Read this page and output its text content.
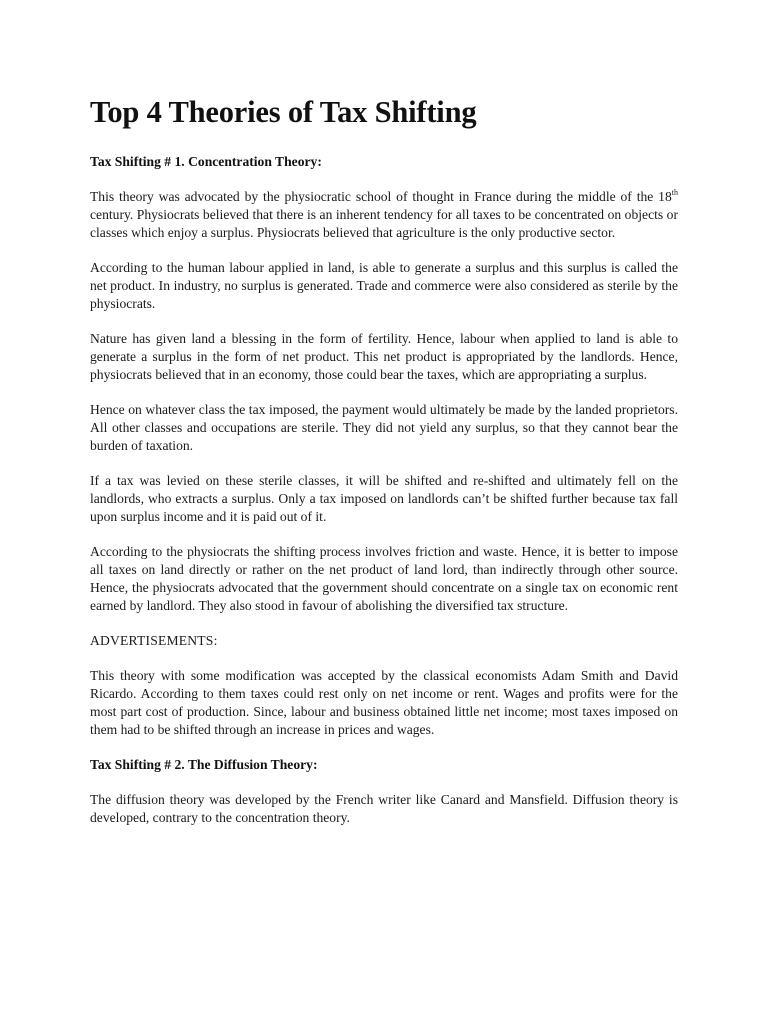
Top 4 Theories of Tax Shifting
Tax Shifting # 1. Concentration Theory:

This theory was advocated by the physiocratic school of thought in France during the middle of the 18th century. Physiocrats believed that there is an inherent tendency for all taxes to be concentrated on objects or classes which enjoy a surplus. Physiocrats believed that agriculture is the only productive sector.

According to the human labour applied in land, is able to generate a surplus and this surplus is called the net product. In industry, no surplus is generated. Trade and commerce were also considered as sterile by the physiocrats.

Nature has given land a blessing in the form of fertility. Hence, labour when applied to land is able to generate a surplus in the form of net product. This net product is appropriated by the landlords. Hence, physiocrats believed that in an economy, those could bear the taxes, which are appropriating a surplus.

Hence on whatever class the tax imposed, the payment would ultimately be made by the landed proprietors. All other classes and occupations are sterile. They did not yield any surplus, so that they cannot bear the burden of taxation.

If a tax was levied on these sterile classes, it will be shifted and re-shifted and ultimately fell on the landlords, who extracts a surplus. Only a tax imposed on landlords can’t be shifted further because tax fall upon surplus income and it is paid out of it.

According to the physiocrats the shifting process involves friction and waste. Hence, it is better to impose all taxes on land directly or rather on the net product of land lord, than indirectly through other source. Hence, the physiocrats advocated that the government should concentrate on a single tax on economic rent earned by landlord. They also stood in favour of abolishing the diversified tax structure.

ADVERTISEMENTS:

This theory with some modification was accepted by the classical economists Adam Smith and David Ricardo. According to them taxes could rest only on net income or rent. Wages and profits were for the most part cost of production. Since, labour and business obtained little net income; most taxes imposed on them had to be shifted through an increase in prices and wages.

Tax Shifting # 2. The Diffusion Theory:

The diffusion theory was developed by the French writer like Canard and Mansfield. Diffusion theory is developed, contrary to the concentration theory.
